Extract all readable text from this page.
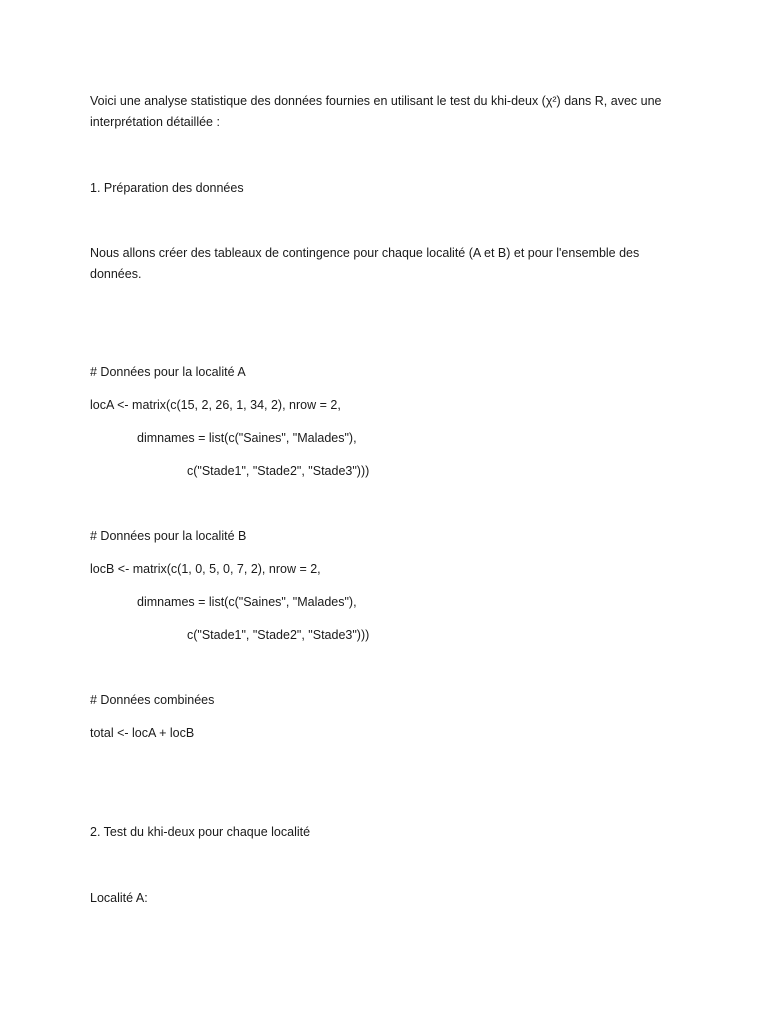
Voici une analyse statistique des données fournies en utilisant le test du khi-deux (χ²) dans R, avec une interprétation détaillée :
1. Préparation des données
Nous allons créer des tableaux de contingence pour chaque localité (A et B) et pour l'ensemble des données.
# Données pour la localité A
locA <- matrix(c(15, 2, 26, 1, 34, 2), nrow = 2,
dimnames = list(c("Saines", "Malades"),
c("Stade1", "Stade2", "Stade3")))
# Données pour la localité B
locB <- matrix(c(1, 0, 5, 0, 7, 2), nrow = 2,
dimnames = list(c("Saines", "Malades"),
c("Stade1", "Stade2", "Stade3")))
# Données combinées
total <- locA + locB
2. Test du khi-deux pour chaque localité
Localité A:
